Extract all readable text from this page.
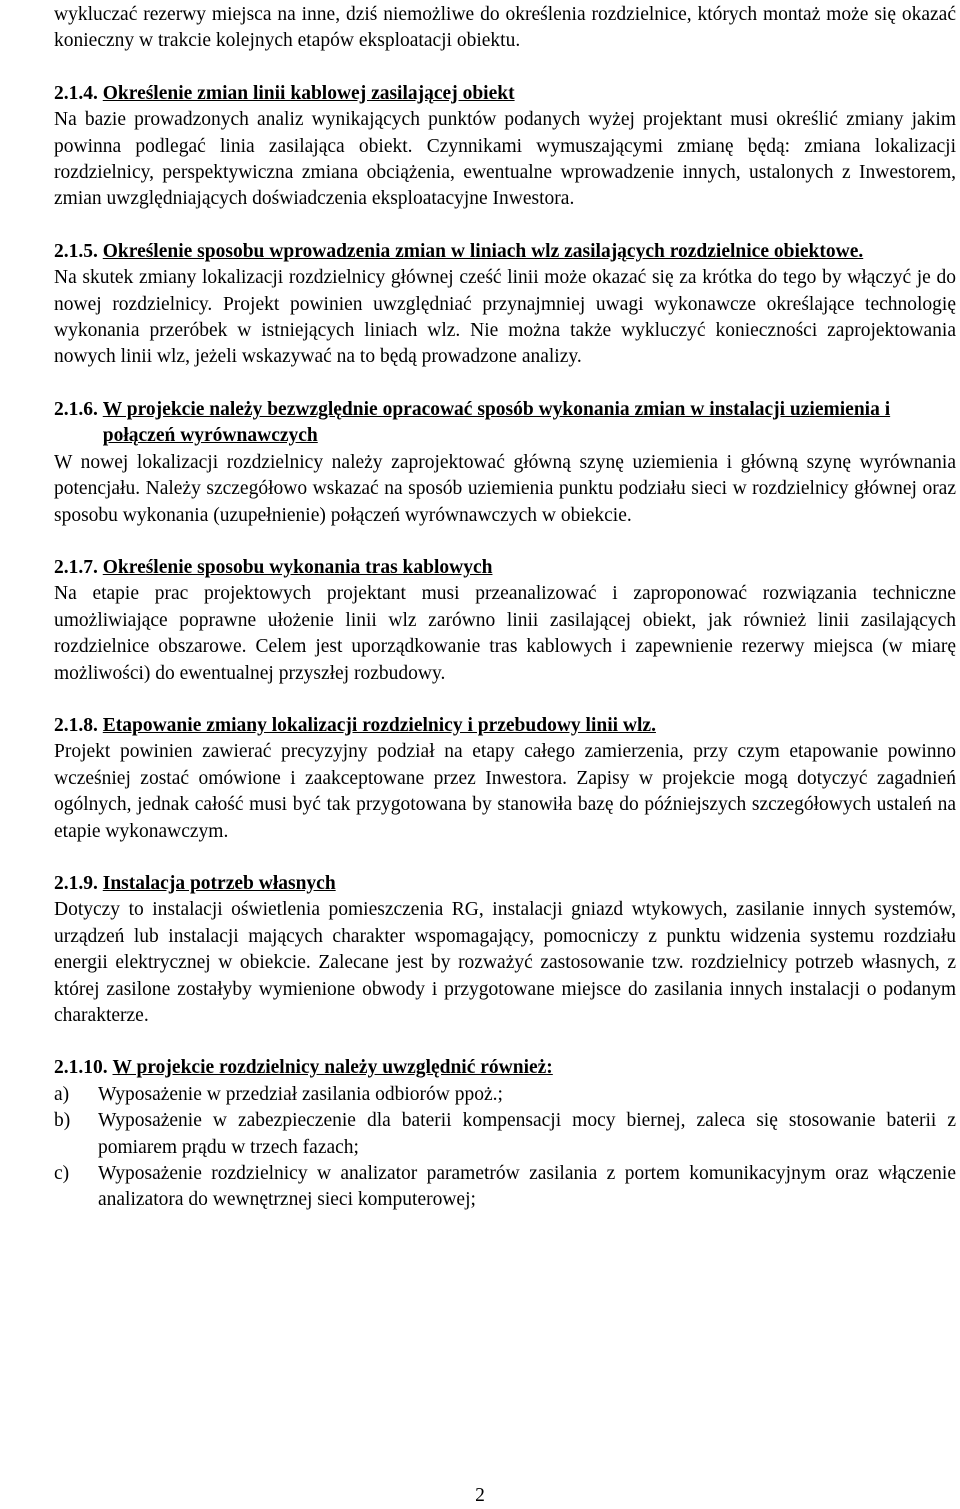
wykluczać rezerwy miejsca na inne, dziś niemożliwe do określenia rozdzielnice, których montaż może się okazać konieczny w trakcie kolejnych etapów eksploatacji obiektu.

2.1.4. Określenie zmian linii kablowej zasilającej obiekt

Na bazie prowadzonych analiz wynikających punktów podanych wyżej projektant musi określić zmiany jakim powinna podlegać linia zasilająca obiekt. Czynnikami wymuszającymi zmianę będą: zmiana lokalizacji rozdzielnicy, perspektywiczna zmiana obciążenia, ewentualne wprowadzenie innych, ustalonych z Inwestorem, zmian uwzględniających doświadczenia eksploatacyjne Inwestora.

2.1.5. Określenie sposobu wprowadzenia zmian w liniach wlz zasilających rozdzielnice obiektowe.

Na skutek zmiany lokalizacji rozdzielnicy głównej cześć linii może okazać się za krótka do tego by włączyć je do nowej rozdzielnicy. Projekt powinien uwzględniać przynajmniej uwagi wykonawcze określające technologię wykonania przeróbek w istniejących liniach wlz. Nie można także wykluczyć konieczności zaprojektowania nowych linii wlz, jeżeli wskazywać na to będą prowadzone analizy.

2.1.6. W projekcie należy bezwzględnie opracować sposób wykonania zmian w instalacji uziemienia i połączeń wyrównawczych

W nowej lokalizacji rozdzielnicy należy zaprojektować główną szynę uziemienia i główną szynę wyrównania potencjału. Należy szczegółowo wskazać na sposób uziemienia punktu podziału sieci w rozdzielnicy głównej oraz sposobu wykonania (uzupełnienie) połączeń wyrównawczych w obiekcie.

2.1.7. Określenie sposobu wykonania tras kablowych

Na etapie prac projektowych projektant musi przeanalizować i zaproponować rozwiązania techniczne umożliwiające poprawne ułożenie linii wlz zarówno linii zasilającej obiekt, jak również linii zasilających rozdzielnice obszarowe. Celem jest uporządkowanie tras kablowych i zapewnienie rezerwy miejsca (w miarę możliwości) do ewentualnej przyszłej rozbudowy.

2.1.8. Etapowanie zmiany lokalizacji rozdzielnicy i przebudowy linii wlz.

Projekt powinien zawierać precyzyjny podział na etapy całego zamierzenia, przy czym etapowanie powinno wcześniej zostać omówione i zaakceptowane przez Inwestora. Zapisy w projekcie mogą dotyczyć zagadnień ogólnych, jednak całość musi być tak przygotowana by stanowiła bazę do późniejszych szczegółowych ustaleń na etapie wykonawczym.

2.1.9. Instalacja potrzeb własnych

Dotyczy to instalacji oświetlenia pomieszczenia RG, instalacji gniazd wtykowych, zasilanie innych systemów, urządzeń lub instalacji mających charakter wspomagający, pomocniczy z punktu widzenia systemu rozdziału energii elektrycznej w obiekcie. Zalecane jest by rozważyć zastosowanie tzw. rozdzielnicy potrzeb własnych, z której zasilone zostałyby wymienione obwody i przygotowane miejsce do zasilania innych instalacji o podanym charakterze.

2.1.10. W projekcie rozdzielnicy należy uwzględnić również:
a)	Wyposażenie w przedział zasilania odbiorów ppoż.;
b)	Wyposażenie w zabezpieczenie dla baterii kompensacji mocy biernej, zaleca się stosowanie baterii z pomiarem prądu w trzech fazach;
c)	Wyposażenie rozdzielnicy w analizator parametrów zasilania z portem komunikacyjnym oraz włączenie analizatora do wewnętrznej sieci komputerowej;
2
